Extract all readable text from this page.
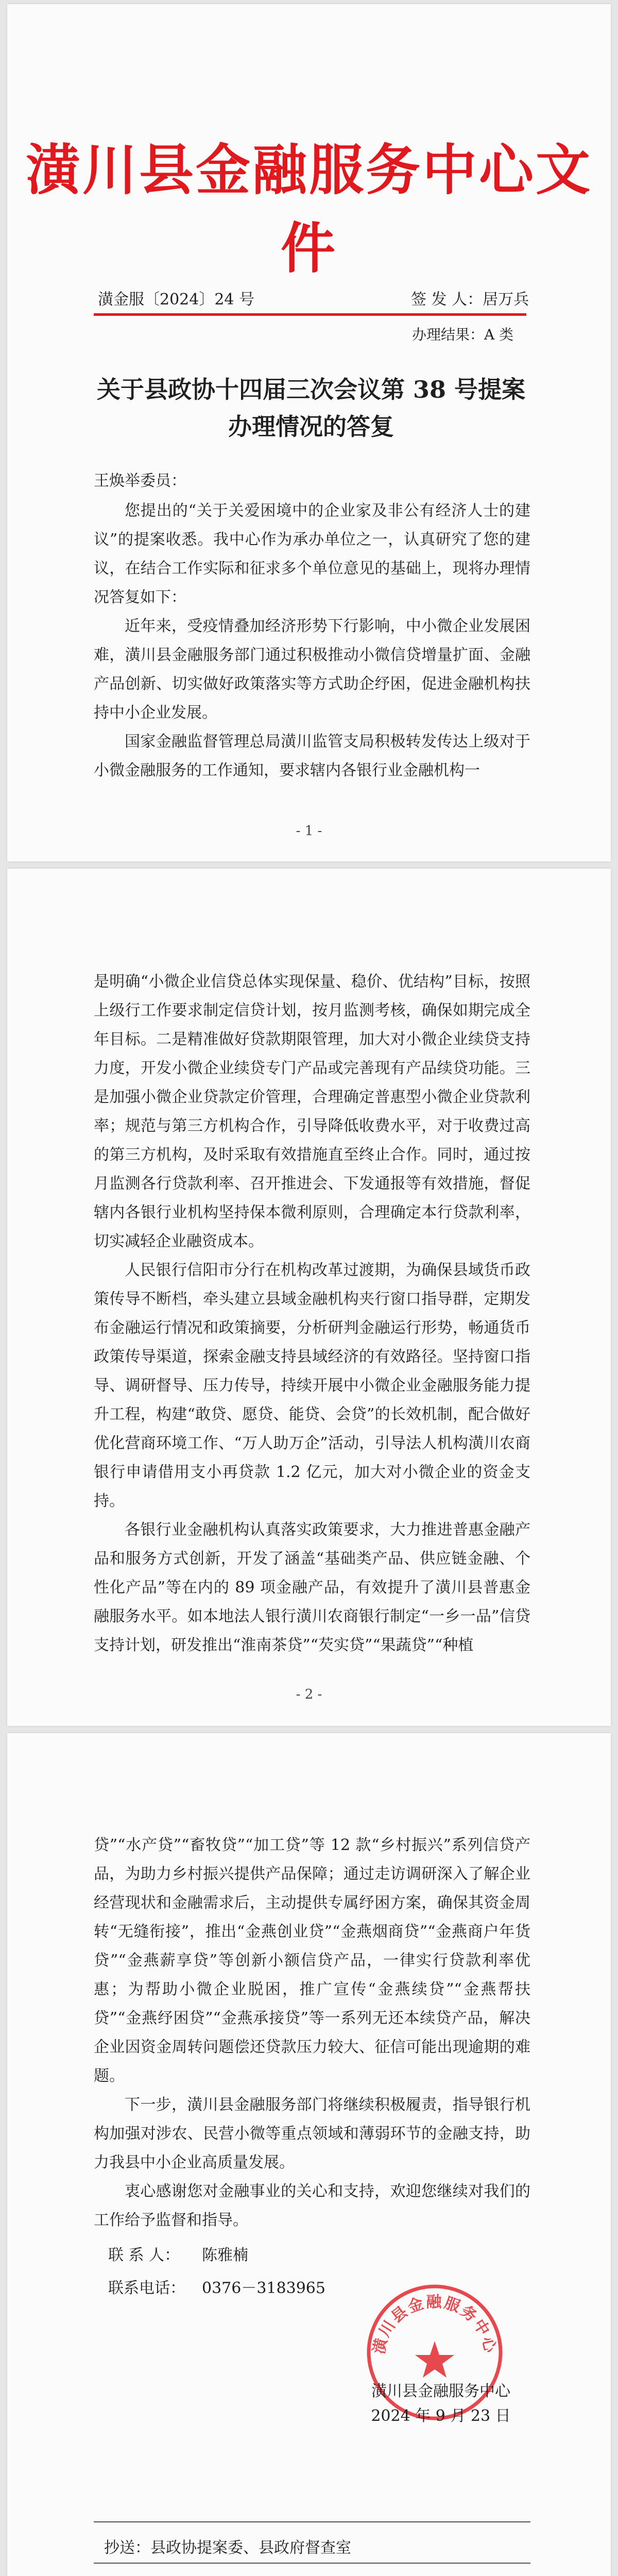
潢川县金融服务中心文件
潢金服〔2024〕24 号	签 发 人：居万兵
办理结果：A 类
关于县政协十四届三次会议第 38 号提案
办理情况的答复
王焕举委员：

您提出的“关于关爱困境中的企业家及非公有经济人士的建议”的提案收悉。我中心作为承办单位之一，认真研究了您的建议，在结合工作实际和征求多个单位意见的基础上，现将办理情况答复如下：

近年来，受疫情叠加经济形势下行影响，中小微企业发展困难，潢川县金融服务部门通过积极推动小微信贷增量扩面、金融产品创新、切实做好政策落实等方式助企纾困，促进金融机构扶持中小企业发展。

国家金融监督管理总局潢川监管支局积极转发传达上级对于小微金融服务的工作通知，要求辖内各银行业金融机构一

- 1 -

是明确“小微企业信贷总体实现保量、稳价、优结构”目标，按照上级行工作要求制定信贷计划，按月监测考核，确保如期完成全年目标。二是精准做好贷款期限管理，加大对小微企业续贷支持力度，开发小微企业续贷专门产品或完善现有产品续贷功能。三是加强小微企业贷款定价管理，合理确定普惠型小微企业贷款利率；规范与第三方机构合作，引导降低收费水平，对于收费过高的第三方机构，及时采取有效措施直至终止合作。同时，通过按月监测各行贷款利率、召开推进会、下发通报等有效措施，督促辖内各银行业机构坚持保本微利原则，合理确定本行贷款利率，切实减轻企业融资成本。

人民银行信阳市分行在机构改革过渡期，为确保县域货币政策传导不断档，牵头建立县域金融机构夹行窗口指导群，定期发布金融运行情况和政策摘要，分析研判金融运行形势，畅通货币政策传导渠道，探索金融支持县域经济的有效路径。坚持窗口指导、调研督导、压力传导，持续开展中小微企业金融服务能力提升工程，构建“敢贷、愿贷、能贷、会贷”的长效机制，配合做好优化营商环境工作、“万人助万企”活动，引导法人机构潢川农商银行申请借用支小再贷款 1.2 亿元，加大对小微企业的资金支持。

各银行业金融机构认真落实政策要求，大力推进普惠金融产品和服务方式创新，开发了涵盖“基础类产品、供应链金融、个性化产品”等在内的 89 项金融产品，有效提升了潢川县普惠金融服务水平。如本地法人银行潢川农商银行制定“一乡一品”信贷支持计划，研发推出“淮南茶贷”“芡实贷”“果蔬贷”“种植

- 2 -

贷”“水产贷”“畜牧贷”“加工贷”等 12 款“乡村振兴”系列信贷产品，为助力乡村振兴提供产品保障；通过走访调研深入了解企业经营现状和金融需求后，主动提供专属纾困方案，确保其资金周转“无缝衔接”，推出“金燕创业贷”“金燕烟商贷”“金燕商户年货贷”“金燕薪享贷”等创新小额信贷产品，一律实行贷款利率优惠；为帮助小微企业脱困，推广宣传“金燕续贷”“金燕帮扶贷”“金燕纾困贷”“金燕承接贷”等一系列无还本续贷产品，解决企业因资金周转问题偿还贷款压力较大、征信可能出现逾期的难题。

下一步，潢川县金融服务部门将继续积极履责，指导银行机构加强对涉农、民营小微等重点领域和薄弱环节的金融支持，助力我县中小企业高质量发展。

衷心感谢您对金融事业的关心和支持，欢迎您继续对我们的工作给予监督和指导。

联 系 人： 陈雅楠
联系电话： 0376－3183965
潢川县金融服务中心
潢川县金融服务中心
2024 年 9 月 23 日
抄送：县政协提案委、县政府督查室
